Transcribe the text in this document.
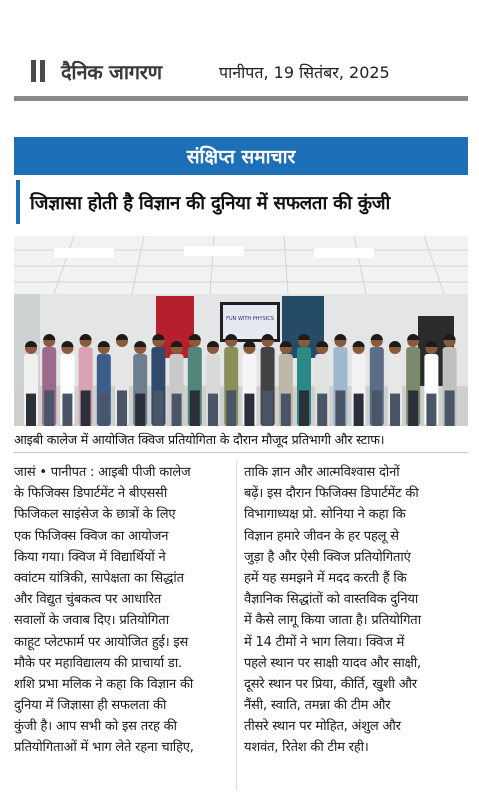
दैनिक जागरण	पानीपत, 19 सितंबर, 2025
संक्षिप्त समाचार
जिज्ञासा होती है विज्ञान की दुनिया में सफलता की कुंजी
FUN WITH PHYSICS
आइबी कालेज में आयोजित क्विज प्रतियोगिता के दौरान मौजूद प्रतिभागी और स्टाफ।
जासं • पानीपत : आइबी पीजी कालेज
के फिजिक्स डिपार्टमेंट ने बीएससी
फिजिकल साइंसेज के छात्रों के लिए
एक फिजिक्स क्विज का आयोजन
किया गया। क्विज में विद्यार्थियों ने
क्वांटम यांत्रिकी, सापेक्षता का सिद्धांत
और विद्युत चुंबकत्व पर आधारित
सवालों के जवाब दिए। प्रतियोगिता
काहूट प्लेटफार्म पर आयोजित हुई। इस
मौके पर महाविद्यालय की प्राचार्या डा.
शशि प्रभा मलिक ने कहा कि विज्ञान की
दुनिया में जिज्ञासा ही सफलता की
कुंजी है। आप सभी को इस तरह की
प्रतियोगिताओं में भाग लेते रहना चाहिए,
ताकि ज्ञान और आत्मविश्वास दोनों
बढ़ें। इस दौरान फिजिक्स डिपार्टमेंट की
विभागाध्यक्ष प्रो. सोनिया ने कहा कि
विज्ञान हमारे जीवन के हर पहलू से
जुड़ा है और ऐसी क्विज प्रतियोगिताएं
हमें यह समझने में मदद करती हैं कि
वैज्ञानिक सिद्धांतों को वास्तविक दुनिया
में कैसे लागू किया जाता है। प्रतियोगिता
में 14 टीमों ने भाग लिया। क्विज में
पहले स्थान पर साक्षी यादव और साक्षी,
दूसरे स्थान पर प्रिया, कीर्ति, खुशी और
नैंसी, स्वाति, तमन्ना की टीम और
तीसरे स्थान पर मोहित, अंशुल और
यशवंत, रितेश की टीम रही।
